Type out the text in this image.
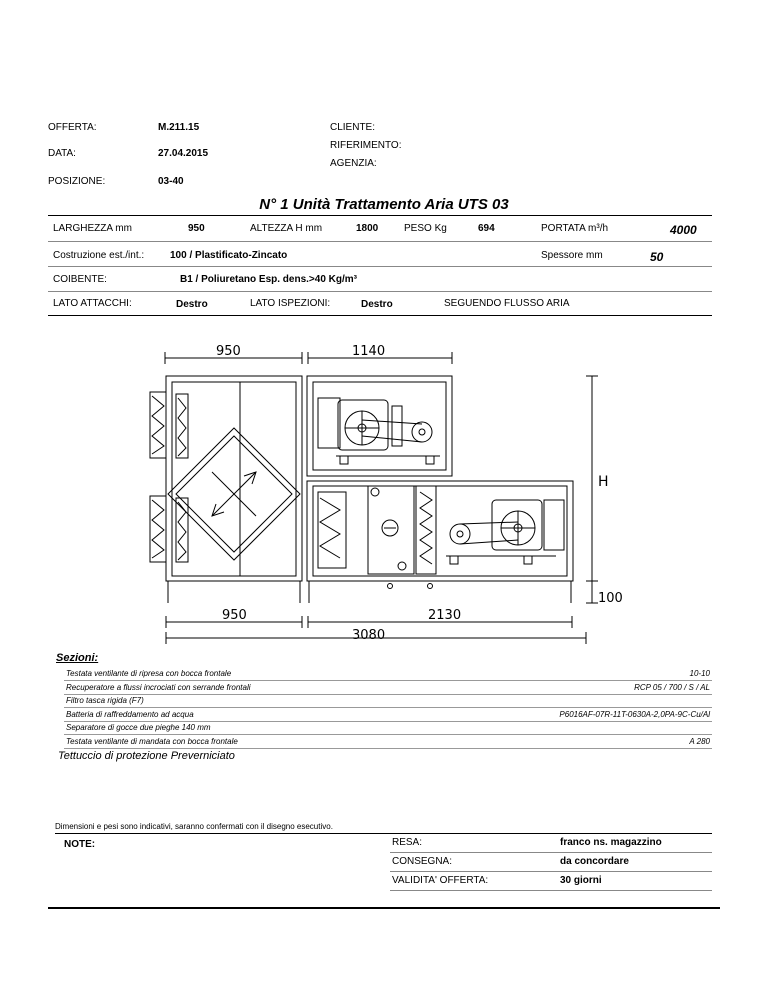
OFFERTA:	M.211.15	CLIENTE:
RIFERIMENTO:
DATA:	27.04.2015
AGENZIA:
POSIZIONE:	03-40
N° 1 Unità Trattamento Aria UTS 03
LARGHEZZA mm	950	ALTEZZA H mm	1800	PESO Kg	694	PORTATA m³/h	4000
Costruzione est./int.:	100 / Plastificato-Zincato	Spessore mm	50
COIBENTE:	B1 / Poliuretano Esp. dens.>40 Kg/m³
LATO ATTACCHI:	Destro	LATO ISPEZIONI:	Destro	SEGUENDO FLUSSO ARIA
950	1140
H
100
950	2130
3080
Sezioni:
Testata ventilante di ripresa con bocca frontale	10-10
Recuperatore a flussi incrociati con serrande frontali	RCP 05 / 700 / S / AL
Filtro tasca rigida (F7)
Batteria di raffreddamento ad acqua	P6016AF-07R-11T-0630A-2,0PA-9C-Cu/Al
Separatore di gocce due pieghe 140 mm
Testata ventilante di mandata con bocca frontale	A 280
Tettuccio di protezione Preverniciato
Dimensioni e pesi sono indicativi, saranno confermati con il disegno esecutivo.
NOTE:	RESA:	franco ns. magazzino
CONSEGNA:	da concordare
VALIDITA' OFFERTA:	30 giorni
